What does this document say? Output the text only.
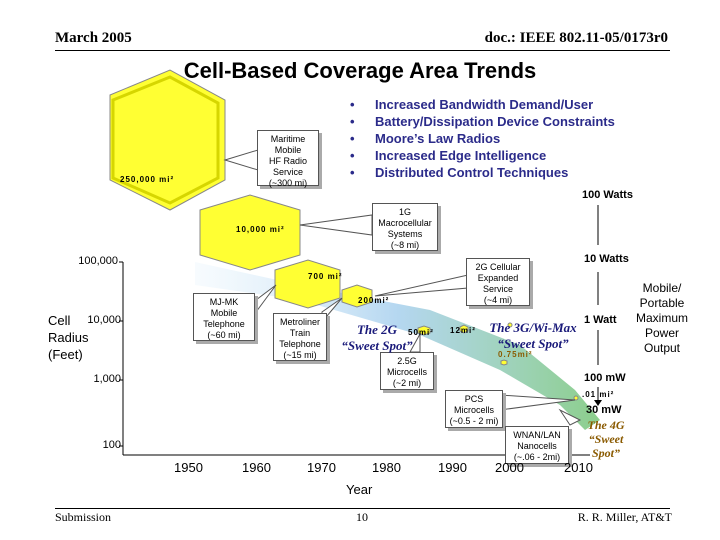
March 2005	doc.: IEEE 802.11-05/0173r0
Cell-Based Coverage Area Trends
• Increased Bandwidth Demand/User
• Battery/Dissipation Device Constraints
• Moore’s Law Radios
• Increased Edge Intelligence
• Distributed Control Techniques
250,000 mi²
10,000 mi²
700 mi²
200mi²
50mi² 12mi²
0.75mi²
.01 mi²
Maritime
Mobile
HF Radio
Service
(~300 mi)
1G
Macrocellular
Systems
(~8 mi)
2G Cellular
Expanded
Service
(~4 mi)
MJ-MK
Mobile
Telephone
(~60 mi)
Metroliner
Train
Telephone
(~15 mi)
2.5G
Microcells
(~2 mi)
PCS
Microcells
(~0.5 - 2 mi)
WNAN/LAN
Nanocells
(~.06 - 2mi)
The 2G
“Sweet Spot”
The 3G/Wi-Max
“Sweet Spot”
The 4G
“Sweet
Spot”
100 Watts
10 Watts
1 Watt
100 mW
30 mW
Mobile/
Portable
Maximum
Power
Output
Cell
Radius
(Feet)
100,000
10,000
1,000
100
1950	1960	1970	1980	1990 2000	2010
Year
Submission	10	R. R. Miller, AT&T
